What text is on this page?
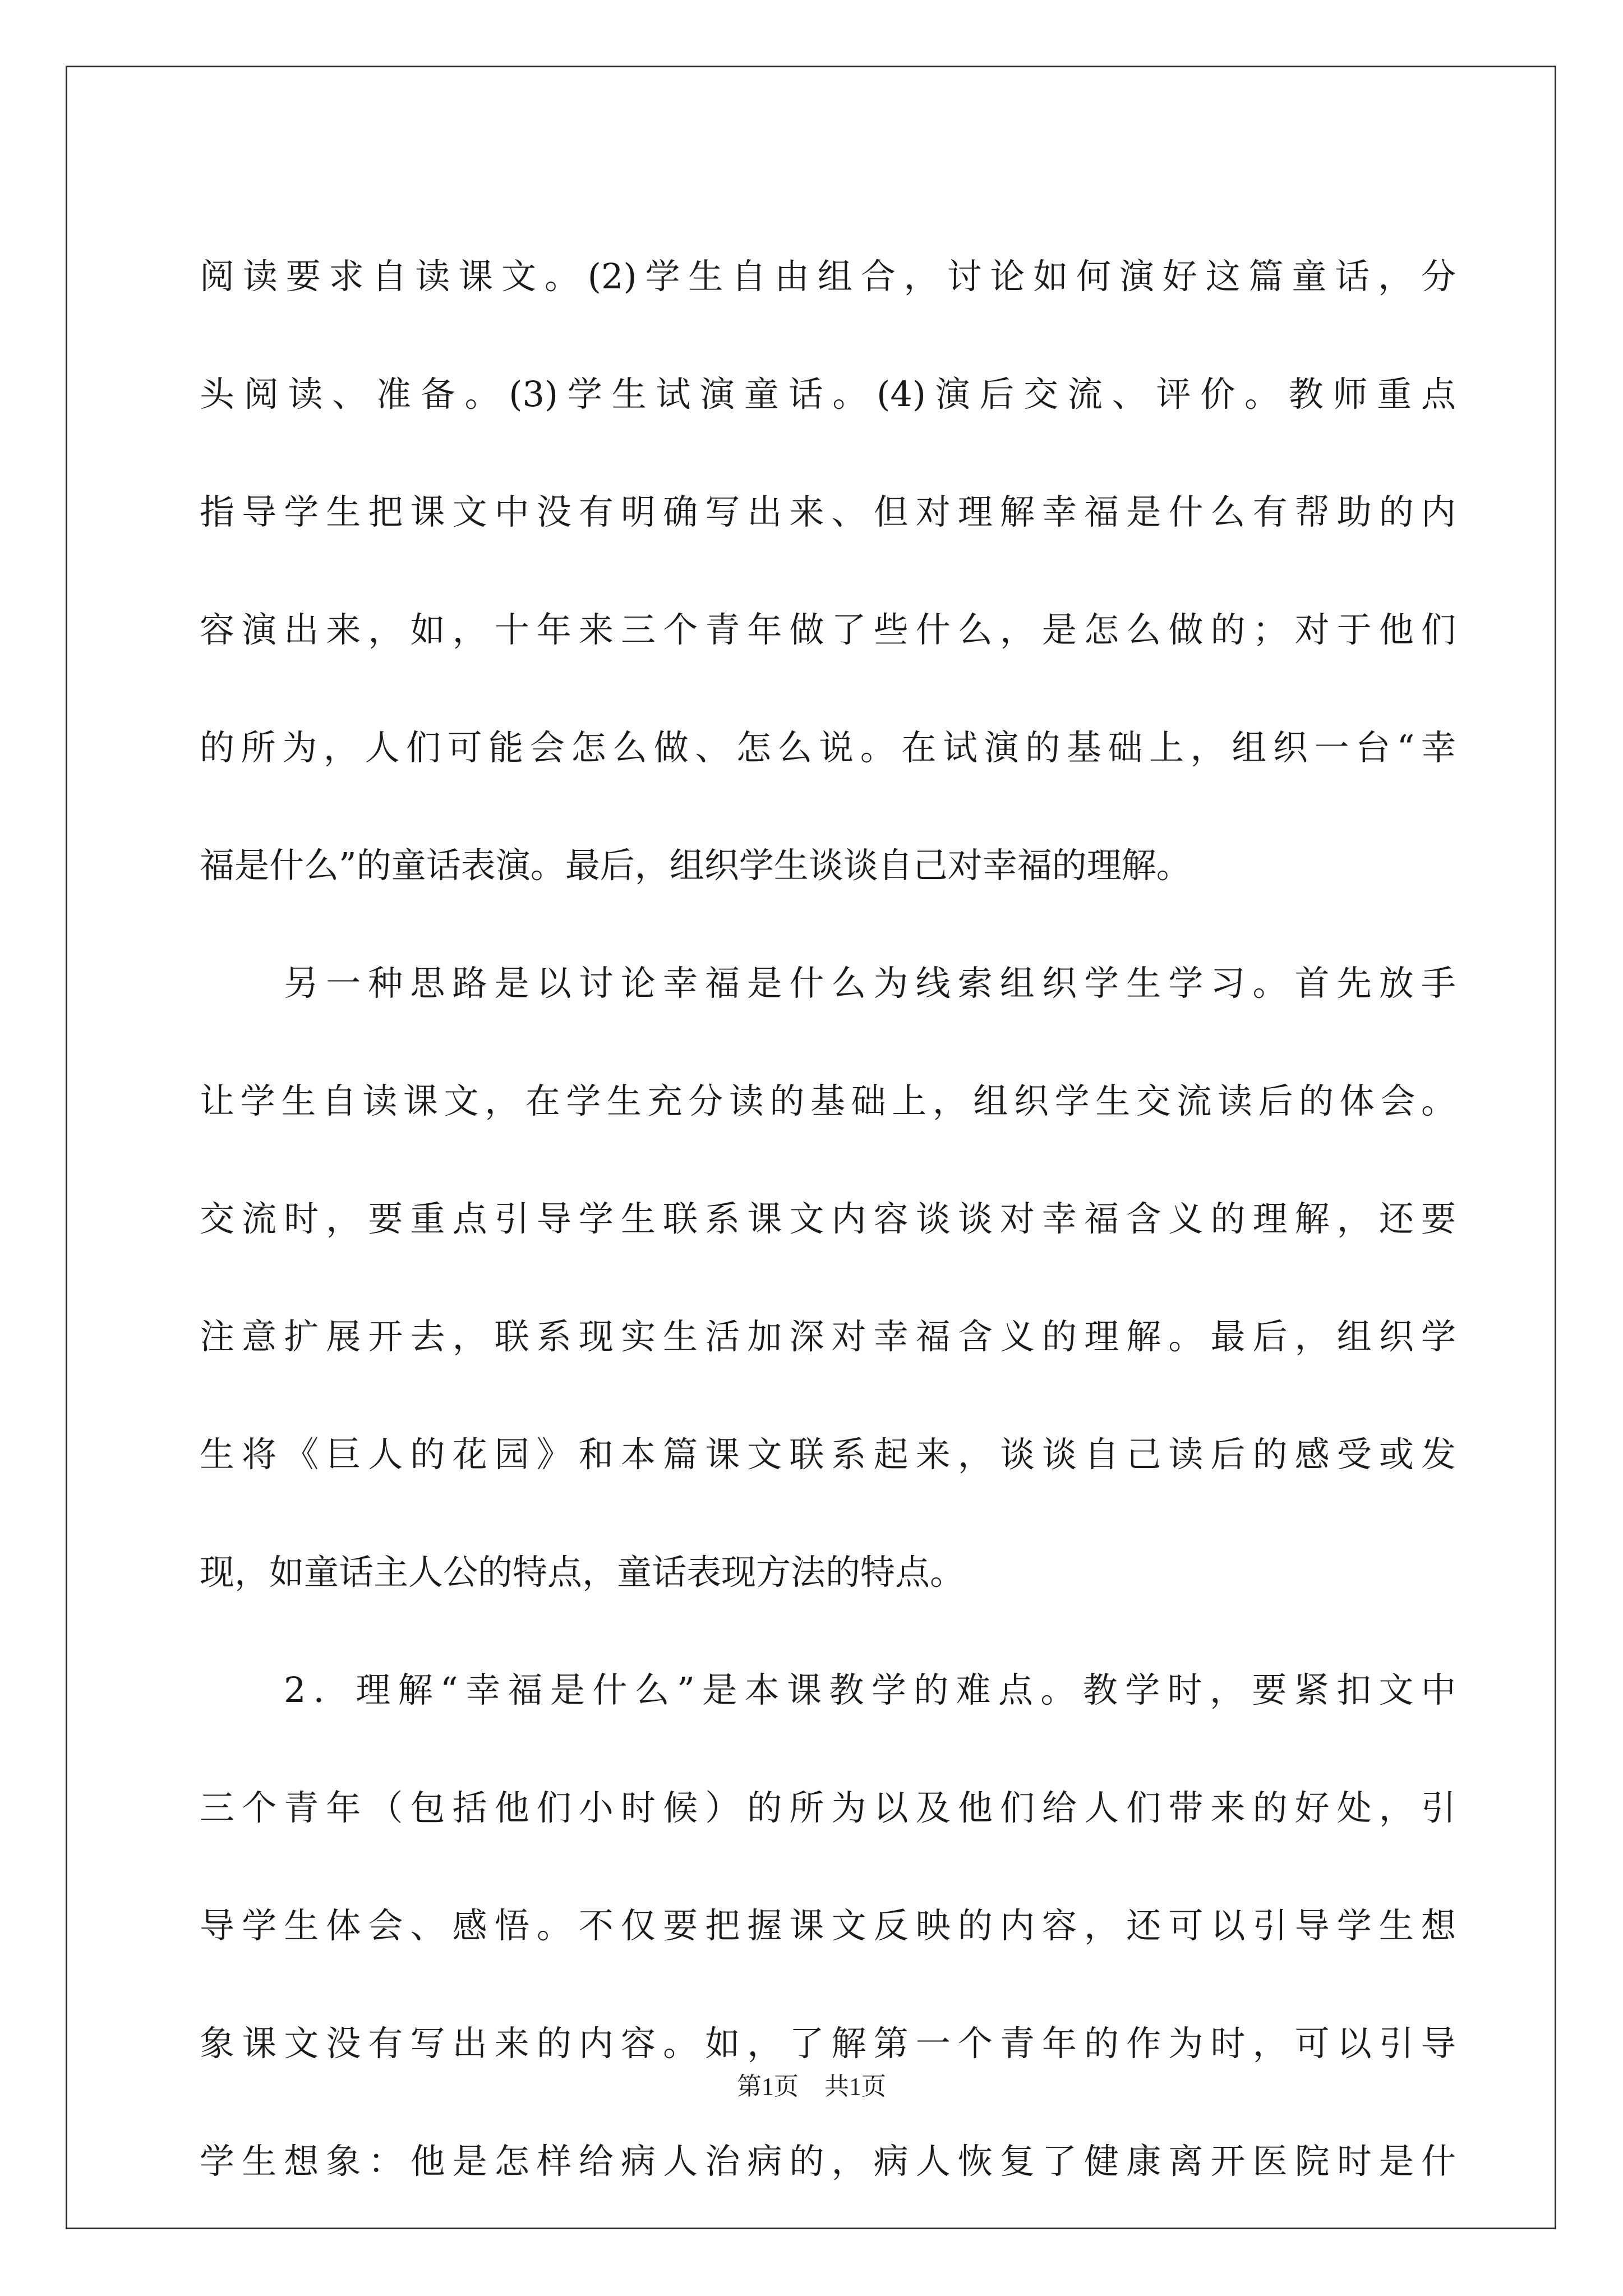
阅读要求自读课文。(2)学生自由组合，讨论如何演好这篇童话，分
头阅读、准备。(3)学生试演童话。(4)演后交流、评价。教师重点
指导学生把课文中没有明确写出来、但对理解幸福是什么有帮助的内
容演出来，如，十年来三个青年做了些什么，是怎么做的；对于他们
的所为，人们可能会怎么做、怎么说。在试演的基础上，组织一台“幸
福是什么”的童话表演。最后，组织学生谈谈自己对幸福的理解。
另一种思路是以讨论幸福是什么为线索组织学生学习。首先放手
让学生自读课文，在学生充分读的基础上，组织学生交流读后的体会。
交流时，要重点引导学生联系课文内容谈谈对幸福含义的理解，还要
注意扩展开去，联系现实生活加深对幸福含义的理解。最后，组织学
生将《巨人的花园》和本篇课文联系起来，谈谈自己读后的感受或发
现，如童话主人公的特点，童话表现方法的特点。
2．理解“幸福是什么”是本课教学的难点。教学时，要紧扣文中
三个青年（包括他们小时候）的所为以及他们给人们带来的好处，引
导学生体会、感悟。不仅要把握课文反映的内容，还可以引导学生想
象课文没有写出来的内容。如，了解第一个青年的作为时，可以引导
学生想象：他是怎样给病人治病的，病人恢复了健康离开医院时是什
第1页 共1页
